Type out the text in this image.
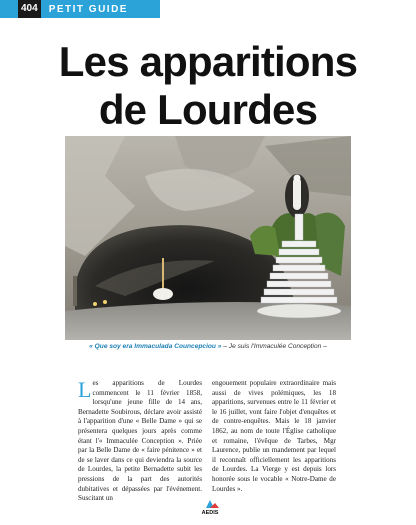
404	PETIT GUIDE
Les apparitions
de Lourdes
« Que soy era Immaculada Councepciou » – Je suis l'Immaculée Conception –
Les apparitions de Lourdes commencent le 11 février 1858, lorsqu'une jeune fille de 14 ans, Bernadette Soubirous, déclare avoir assisté à l'apparition d'une « Belle Dame » qui se présentera quelques jours après comme étant l'« Immaculée Conception ». Priée par la Belle Dame de « faire pénitence » et de se laver dans ce qui deviendra la source de Lourdes, la petite Bernadette subit les pressions de la part des autorités dubitatives et dépassées par l'événement. Suscitant un
engouement populaire extraordinaire mais aussi de vives polémiques, les 18 apparitions, survenues entre le 11 février et le 16 juillet, vont faire l'objet d'enquêtes et de contre-enquêtes. Mais le 18 janvier 1862, au nom de toute l'Église catholique et romaine, l'évêque de Tarbes, Mgr Laurence, publie un mandement par lequel il reconnaît officiellement les apparitions de Lourdes. La Vierge y est depuis lors honorée sous le vocable « Notre-Dame de Lourdes ».
AEDIS
